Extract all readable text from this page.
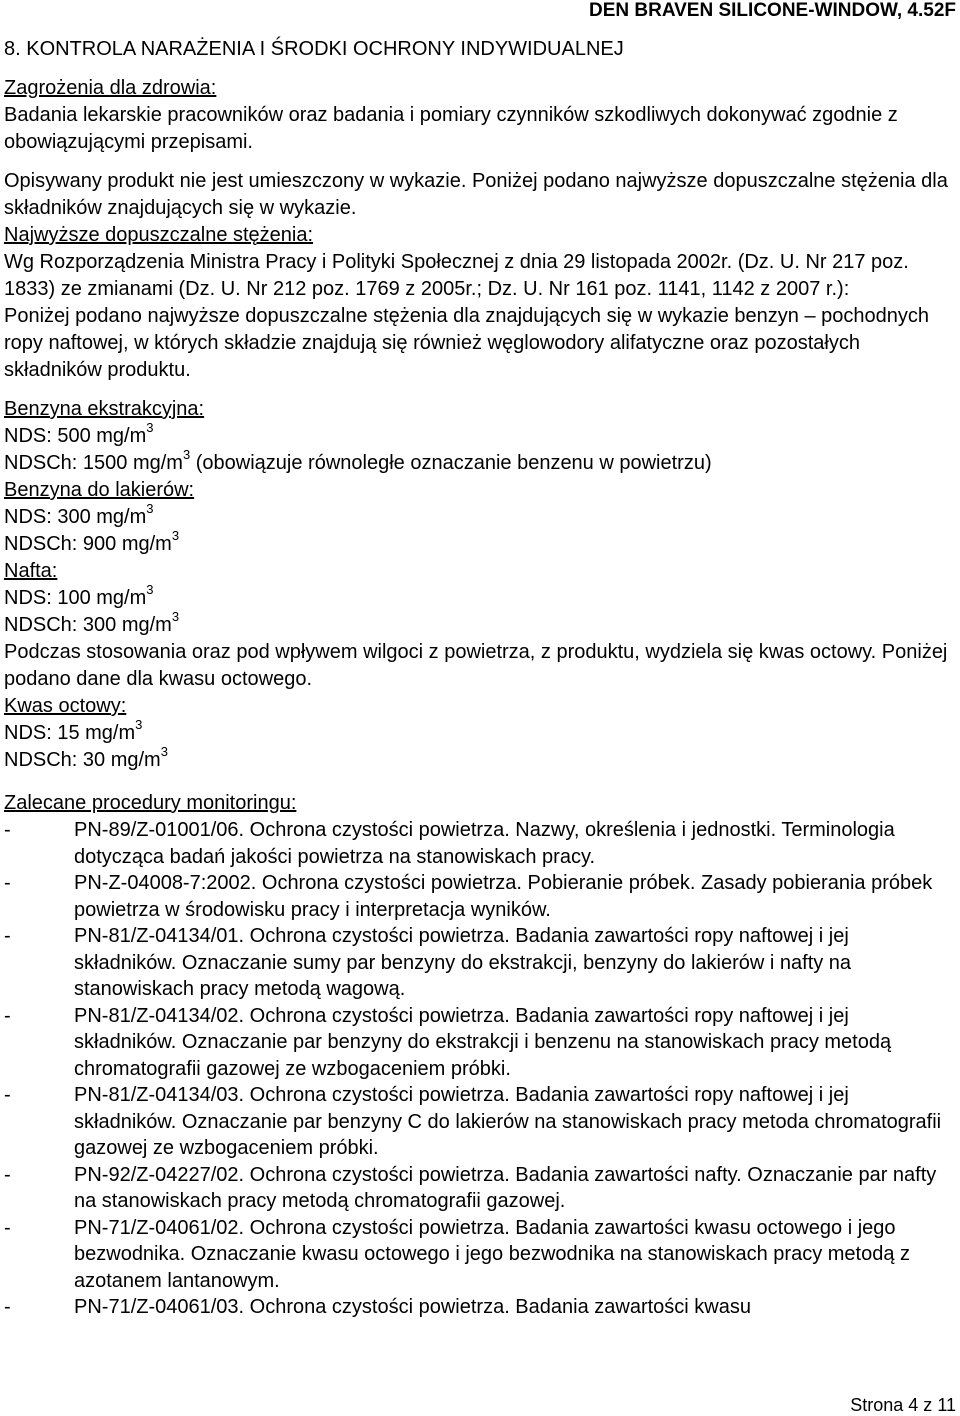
DEN BRAVEN SILICONE-WINDOW, 4.52F
8. KONTROLA NARAŻENIA I ŚRODKI OCHRONY INDYWIDUALNEJ

Zagrożenia dla zdrowia:

Badania lekarskie pracowników oraz badania i pomiary czynników szkodliwych dokonywać zgodnie z obowiązującymi przepisami.

Opisywany produkt nie jest umieszczony w wykazie. Poniżej podano najwyższe dopuszczalne stężenia dla składników znajdujących się w wykazie.

Najwyższe dopuszczalne stężenia:

Wg Rozporządzenia Ministra Pracy i Polityki Społecznej z dnia 29 listopada 2002r. (Dz. U. Nr 217 poz. 1833) ze zmianami (Dz. U. Nr 212 poz. 1769 z 2005r.; Dz. U. Nr 161 poz. 1141, 1142 z 2007 r.):

Poniżej podano najwyższe dopuszczalne stężenia dla znajdujących się w wykazie benzyn – pochodnych ropy naftowej, w których składzie znajdują się również węglowodory alifatyczne oraz pozostałych składników produktu.

Benzyna ekstrakcyjna:

NDS: 500 $mg/m^3$

NDSCh: 1500 $mg/m^3$ (obowiązuje równoległe oznaczanie benzenu w powietrzu)

Benzyna do lakierów:

NDS: 300 $mg/m^3$

NDSCh: 900 $mg/m^3$

Nafta:

NDS: 100 $mg/m^3$

NDSCh: 300 $mg/m^3$

Podczas stosowania oraz pod wpływem wilgoci z powietrza, z produktu, wydziela się kwas octowy. Poniżej podano dane dla kwasu octowego.

Kwas octowy:

NDS: 15 $mg/m^3$

NDSCh: 30 $mg/m^3$

Zalecane procedury monitoringu:

-	PN-89/Z-01001/06. Ochrona czystości powietrza. Nazwy, określenia i jednostki. Terminologia dotycząca badań jakości powietrza na stanowiskach pracy.
-	PN-Z-04008-7:2002. Ochrona czystości powietrza. Pobieranie próbek. Zasady pobierania próbek powietrza w środowisku pracy i interpretacja wyników.
-	PN-81/Z-04134/01. Ochrona czystości powietrza. Badania zawartości ropy naftowej i jej składników. Oznaczanie sumy par benzyny do ekstrakcji, benzyny do lakierów i nafty na stanowiskach pracy metodą wagową.
-	PN-81/Z-04134/02. Ochrona czystości powietrza. Badania zawartości ropy naftowej i jej składników. Oznaczanie par benzyny do ekstrakcji i benzenu na stanowiskach pracy metodą chromatografii gazowej ze wzbogaceniem próbki.
-	PN-81/Z-04134/03. Ochrona czystości powietrza. Badania zawartości ropy naftowej i jej składników. Oznaczanie par benzyny C do lakierów na stanowiskach pracy metoda chromatografii gazowej ze wzbogaceniem próbki.
-	PN-92/Z-04227/02. Ochrona czystości powietrza. Badania zawartości nafty. Oznaczanie par nafty na stanowiskach pracy metodą chromatografii gazowej.
-	PN-71/Z-04061/02. Ochrona czystości powietrza. Badania zawartości kwasu octowego i jego bezwodnika. Oznaczanie kwasu octowego i jego bezwodnika na stanowiskach pracy metodą z azotanem lantanowym.
-	PN-71/Z-04061/03. Ochrona czystości powietrza. Badania zawartości kwasu
Strona 4 z 11
